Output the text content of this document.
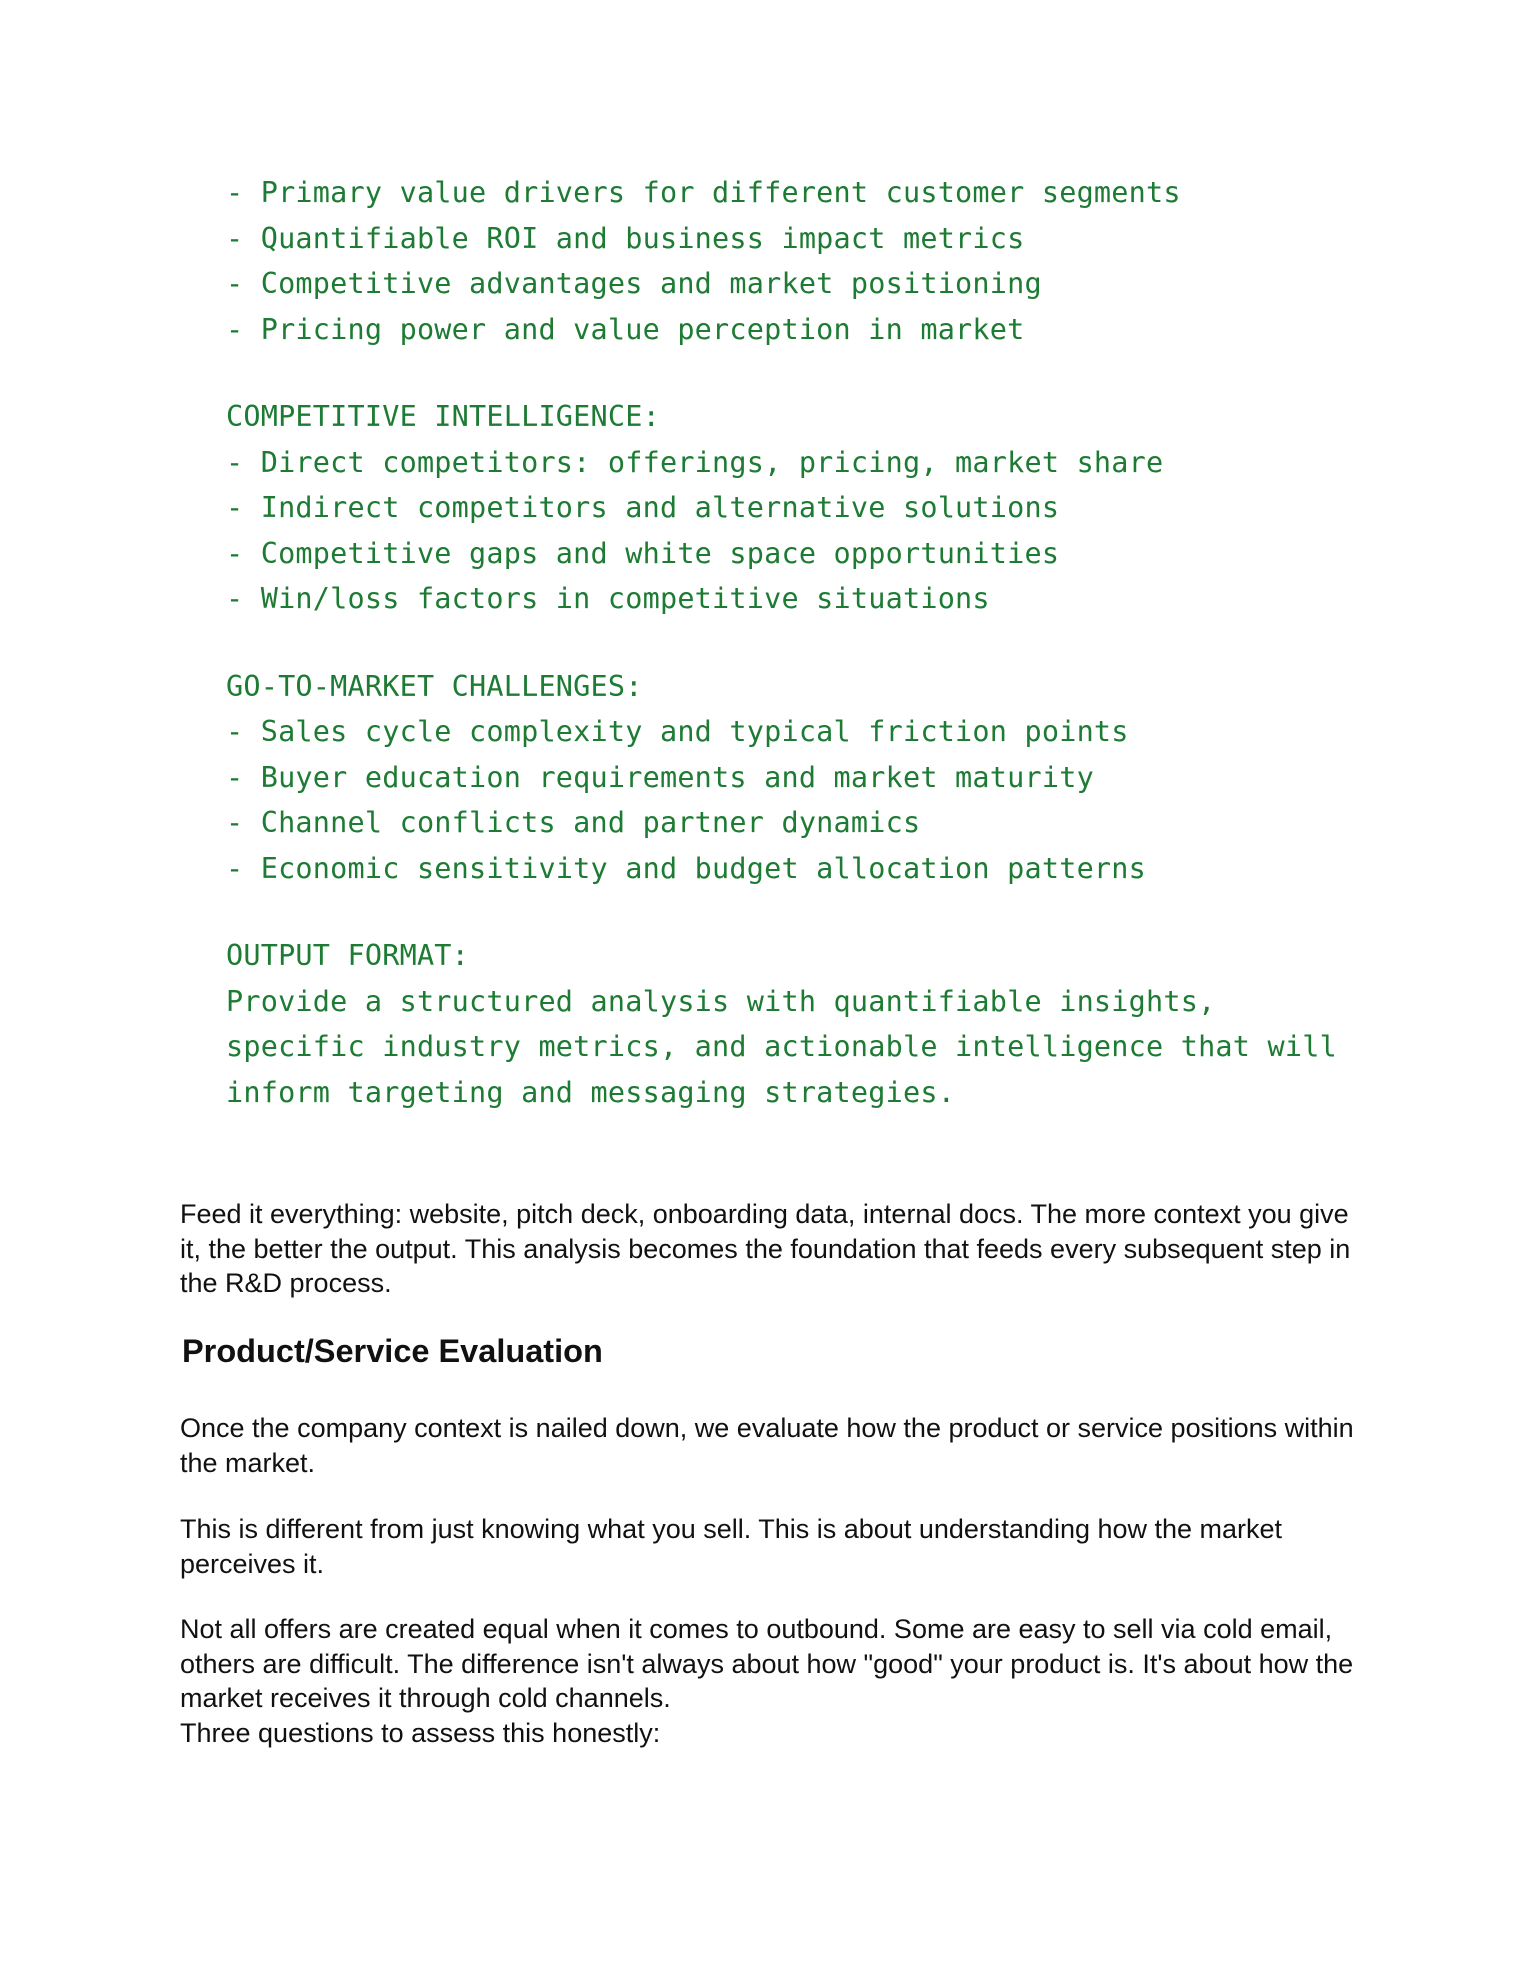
- Primary value drivers for different customer segments
- Quantifiable ROI and business impact metrics
- Competitive advantages and market positioning
- Pricing power and value perception in market
COMPETITIVE INTELLIGENCE:
- Direct competitors: offerings, pricing, market share
- Indirect competitors and alternative solutions
- Competitive gaps and white space opportunities
- Win/loss factors in competitive situations
GO-TO-MARKET CHALLENGES:
- Sales cycle complexity and typical friction points
- Buyer education requirements and market maturity
- Channel conflicts and partner dynamics
- Economic sensitivity and budget allocation patterns
OUTPUT FORMAT:
Provide a structured analysis with quantifiable insights,
specific industry metrics, and actionable intelligence that will
inform targeting and messaging strategies.

Feed it everything: website, pitch deck, onboarding data, internal docs. The more context you give it, the better the output. This analysis becomes the foundation that feeds every subsequent step in the R&D process.

Product/Service Evaluation

Once the company context is nailed down, we evaluate how the product or service positions within the market.

This is different from just knowing what you sell. This is about understanding how the market perceives it.

Not all offers are created equal when it comes to outbound. Some are easy to sell via cold email, others are difficult. The difference isn't always about how "good" your product is. It's about how the market receives it through cold channels.

Three questions to assess this honestly:
